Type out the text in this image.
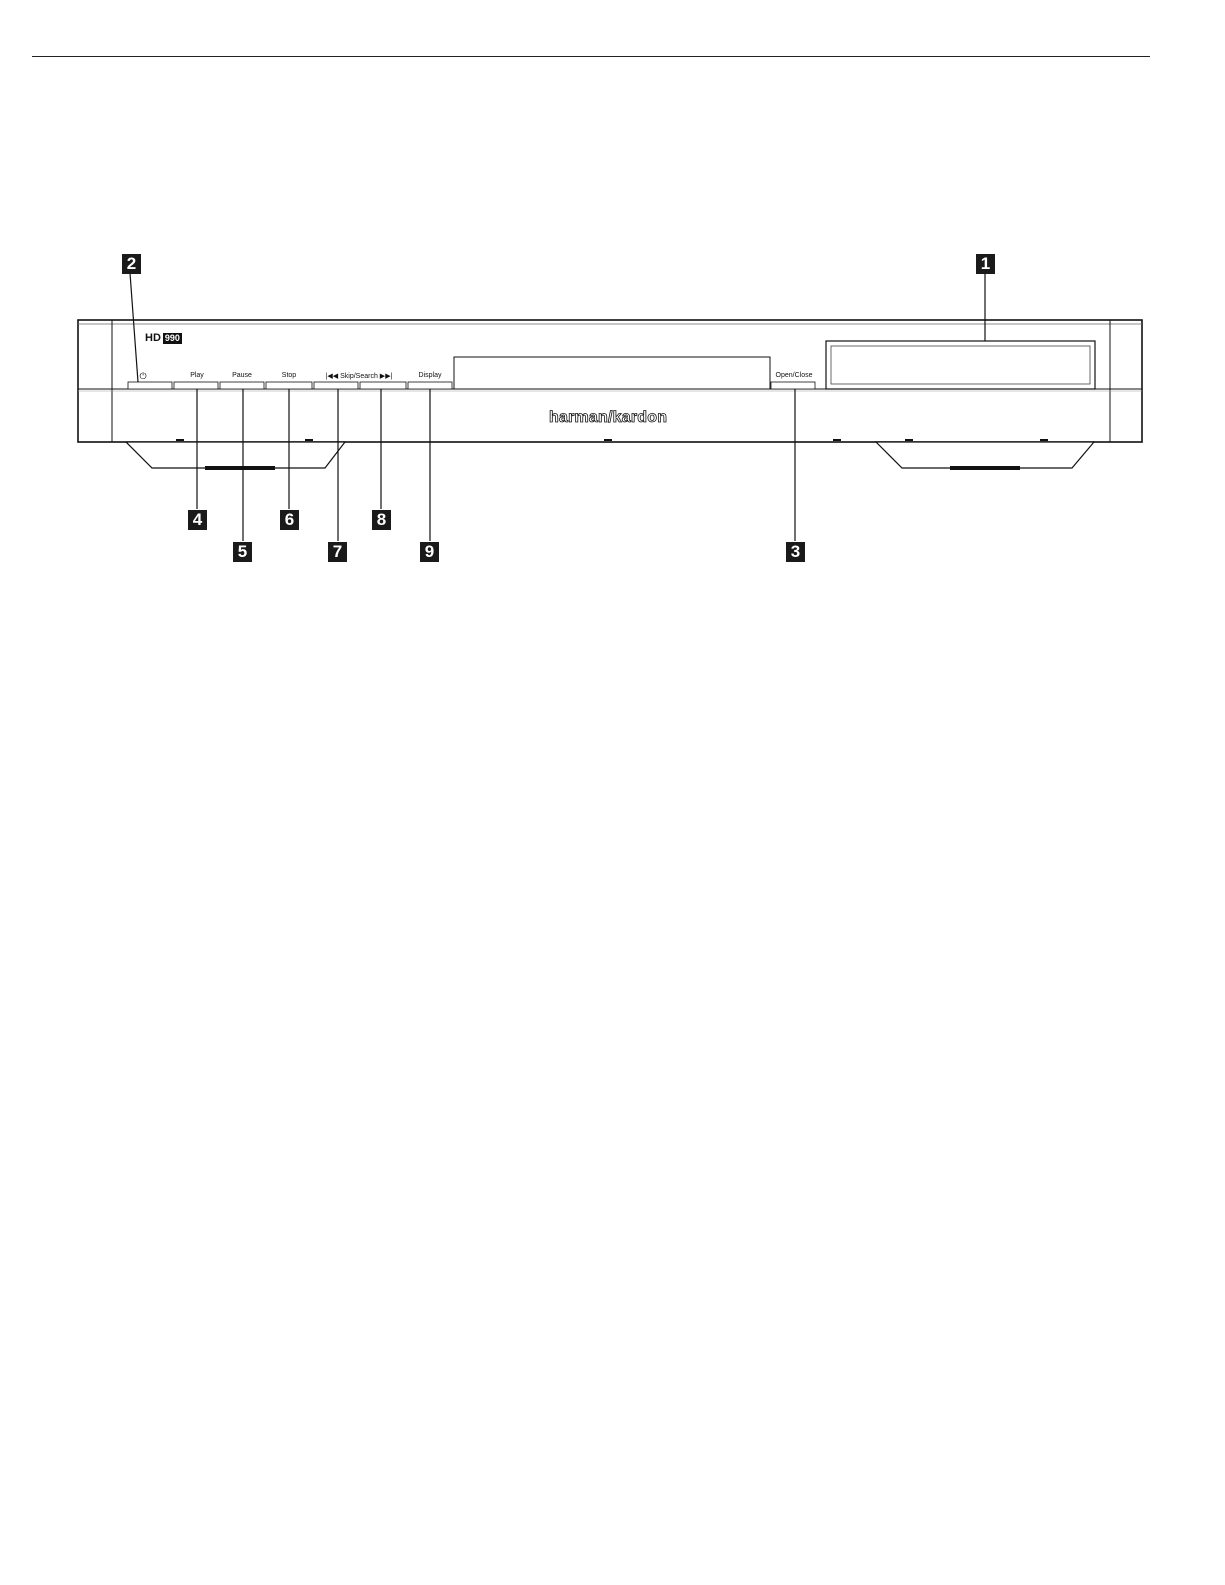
HD 990
harman/kardon
⏻	Play	Pause	Stop	|◀◀ Skip/Search ▶▶|	Display	Open/Close
1
2
3
4
5
6
7
8
9
